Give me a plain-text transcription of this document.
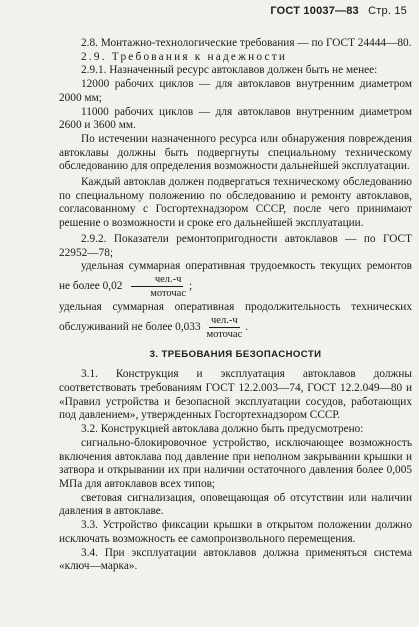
ГОСТ 10037—83 Стр. 15

2.8. Монтажно-технологические требования — по ГОСТ 24444—80.

2.9. Требования к надежности

2.9.1. Назначенный ресурс автоклавов должен быть не менее:

12000 рабочих циклов — для автоклавов внутренним диаметром 2000 мм;

11000 рабочих циклов — для автоклавов внутренним диаметром 2600 и 3600 мм.

По истечении назначенного ресурса или обнаружения повреждения автоклавы должны быть подвергнуты специальному техническому обследованию для определения возможности дальнейшей эксплуатации.

Каждый автоклав должен подвергаться техническому обследованию по специальному положению по обследованию и ремонту автоклавов, согласованному с Госгортехнадзором СССР, после чего принимают решение о возможности и сроке его дальнейшей эксплуатации.

2.9.2. Показатели ремонтопригодности автоклавов — по ГОСТ 22952—78;

удельная суммарная оперативная трудоемкость текущих ремонтов не более $0,02 \frac{\text{чел.-ч}}{\text{моточас}}$ ;

удельная суммарная оперативная продолжительность технических обслуживаний не более $0,033 \frac{\text{чел.-ч}}{\text{моточас}}$ .

3. ТРЕБОВАНИЯ БЕЗОПАСНОСТИ

3.1. Конструкция и эксплуатация автоклавов должны соответствовать требованиям ГОСТ 12.2.003—74, ГОСТ 12.2.049—80 и «Правил устройства и безопасной эксплуатации сосудов, работающих под давлением», утвержденных Госгортехнадзором СССР.

3.2. Конструкцией автоклава должно быть предусмотрено:

сигнально-блокировочное устройство, исключающее возможность включения автоклава под давление при неполном закрывании крышки и затвора и открывании их при наличии остаточного давления более 0,005 МПа для автоклавов всех типов;

световая сигнализация, оповещающая об отсутствии или наличии давления в автоклаве.

3.3. Устройство фиксации крышки в открытом положении должно исключать возможность ее самопроизвольного перемещения.

3.4. При эксплуатации автоклавов должна применяться система «ключ—марка».
